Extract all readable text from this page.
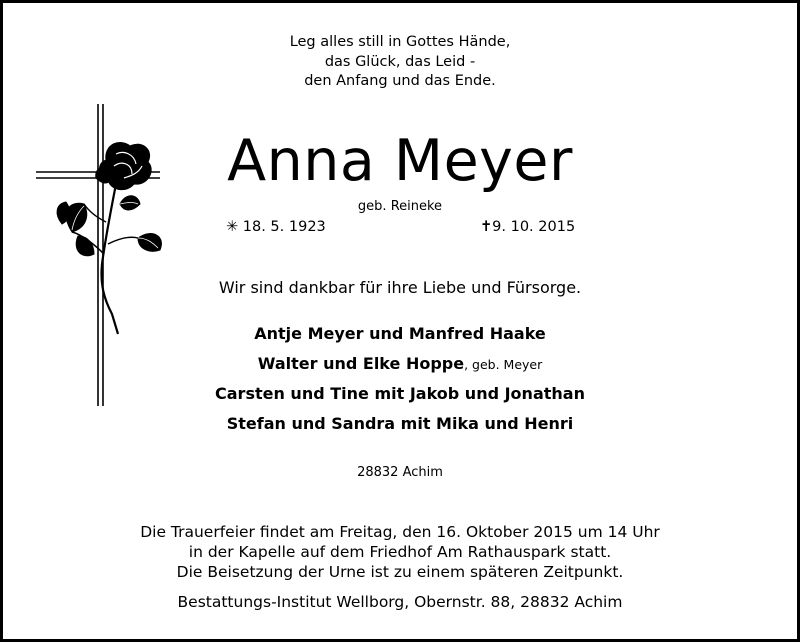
Leg alles still in Gottes Hände,
das Glück, das Leid -
den Anfang und das Ende.
Anna Meyer
geb. Reineke
✳ 18. 5. 1923	✝9. 10. 2015
Wir sind dankbar für ihre Liebe und Fürsorge.
Antje Meyer und Manfred Haake
Walter und Elke Hoppe, geb. Meyer
Carsten und Tine mit Jakob und Jonathan
Stefan und Sandra mit Mika und Henri
28832 Achim
Die Trauerfeier findet am Freitag, den 16. Oktober 2015 um 14 Uhr
in der Kapelle auf dem Friedhof Am Rathauspark statt.
Die Beisetzung der Urne ist zu einem späteren Zeitpunkt.
Bestattungs-Institut Wellborg, Obernstr. 88, 28832 Achim
